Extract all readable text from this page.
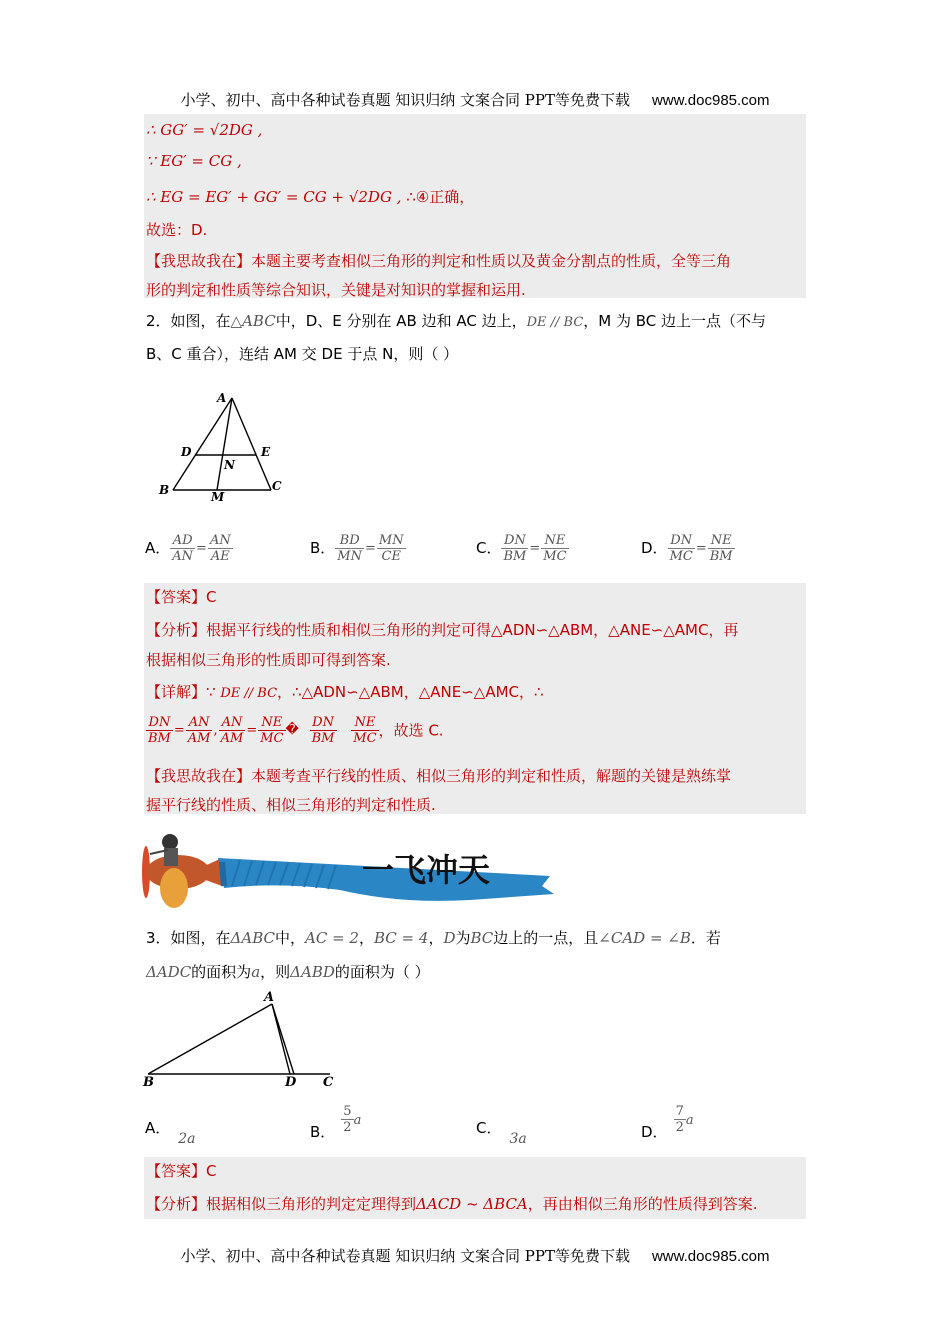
小学、初中、高中各种试卷真题 知识归纳 文案合同 PPT等免费下载 www.doc985.com
∴ GG′ = √2DG ,
∵ EG′ = CG ,
∴ EG = EG′ + GG′ = CG + √2DG , ∴④正确，
故选：D.
【我思故我在】本题主要考查相似三角形的判定和性质以及黄金分割点的性质，全等三角
形的判定和性质等综合知识，关键是对知识的掌握和运用.
2．如图，在△ABC中，D、E 分别在 AB 边和 AC 边上，DE // BC，M 为 BC 边上一点（不与
B、C 重合），连结 AM 交 DE 于点 N，则（ ）
A
D	E
N
B	C
M
A． $\frac{AD}{AN} = \frac{AN}{AE}$	B． $\frac{BD}{MN} = \frac{MN}{CE}$	C． $\frac{DN}{BM} = \frac{NE}{MC}$	D． $\frac{DN}{MC} = \frac{NE}{BM}$
【答案】C
【分析】根据平行线的性质和相似三角形的判定可得△ADN∽△ABM，△ANE∽△AMC，再
根据相似三角形的性质即可得到答案.
【详解】∵ DE // BC，∴△ADN∽△ABM，△ANE∽△AMC，∴
$\frac{DN}{BM} = \frac{AN}{AM}$ , $\frac{AN}{AM} = \frac{NE}{MC}$ � $\frac{DN}{BM}$
$\frac{NE}{MC}$ ，故选 C.
【我思故我在】本题考查平行线的性质、相似三角形的判定和性质，解题的关键是熟练掌
握平行线的性质、相似三角形的判定和性质.
一飞冲天
3．如图，在ΔABC中，AC = 2，BC = 4，D为BC边上的一点，且∠CAD = ∠B．若
ΔADC的面积为a，则ΔABD的面积为（ ）
A
B	D C
A．2a	B． $\frac{5}{2}$ a	C．3a	D． $\frac{7}{2}$ a
【答案】C
【分析】根据相似三角形的判定定理得到ΔACD ~ ΔBCA，再由相似三角形的性质得到答案.
小学、初中、高中各种试卷真题 知识归纳 文案合同 PPT等免费下载 www.doc985.com
